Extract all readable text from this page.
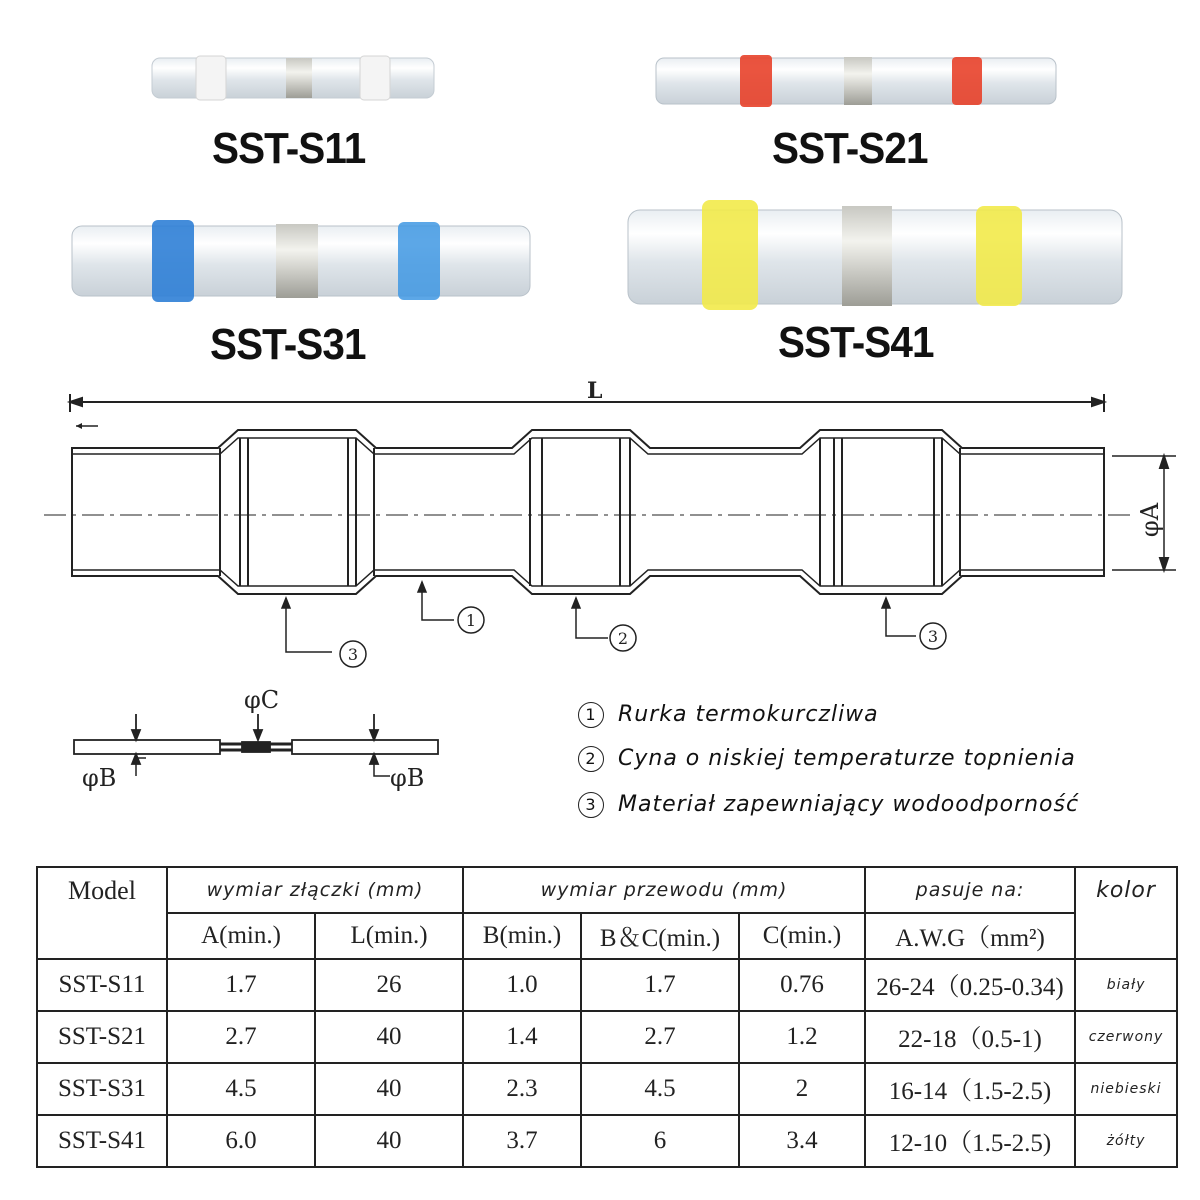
SST-S11	SST-S21
SST-S31	SST-S41
L
φA
3
1
2	3
φC
φB	φB
1 Rurka termokurczliwa
2 Cyna o niskiej temperaturze topnienia
3 Materiał zapewniający wodoodporność
Model	wymiar złączki (mm)		wymiar przewodu (mm)			pasuje na:	kolor
	A(min.)	L(min.)	B(min.)	B＆C(min.)	C(min.)	A.W.G（mm²)	
SST-S11	1.7	26	1.0	1.7	0.76	26-24（0.25-0.34)	biały
SST-S21	2.7	40	1.4	2.7	1.2	22-18（0.5-1)	czerwony
SST-S31	4.5	40	2.3	4.5	2	16-14（1.5-2.5)	niebieski
SST-S41	6.0	40	3.7	6	3.4	12-10（1.5-2.5)	żółty
